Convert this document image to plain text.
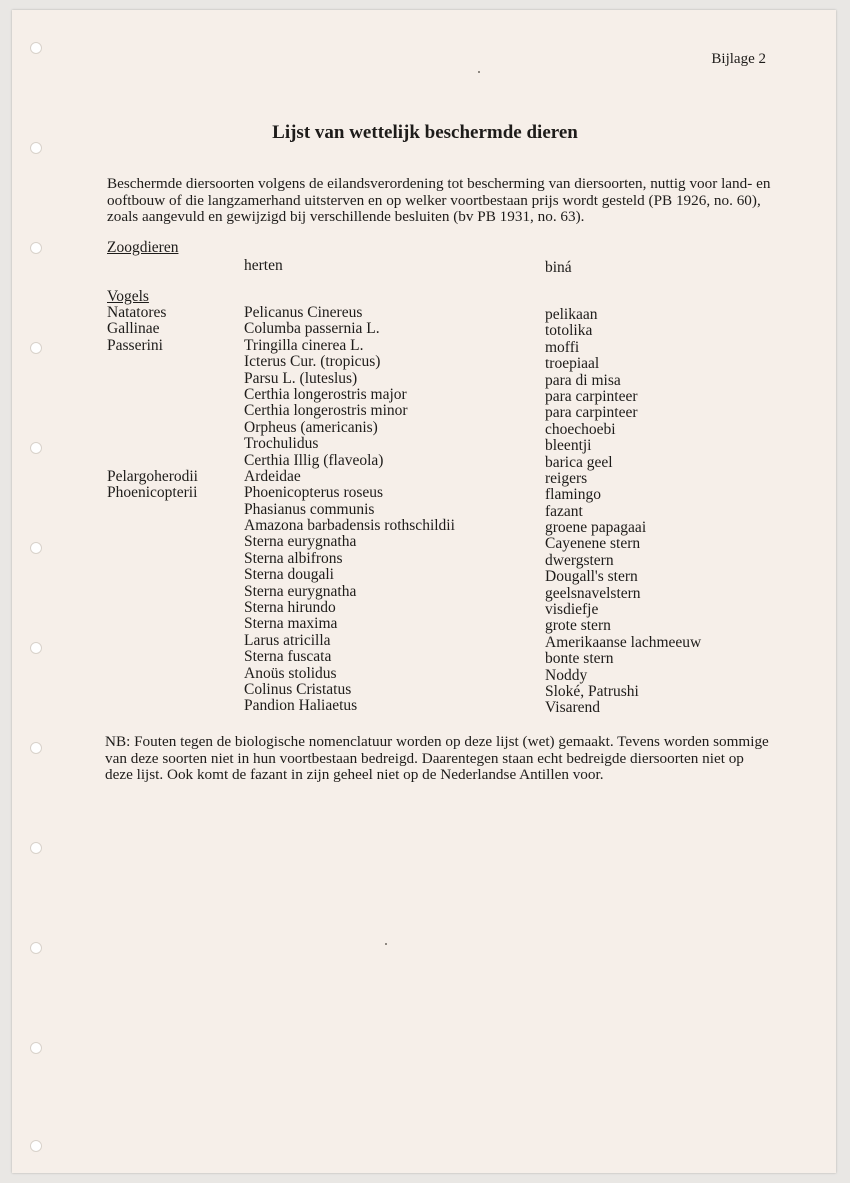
Bijlage 2
Lijst van wettelijk beschermde dieren

Beschermde diersoorten volgens de eilandsverordening tot bescherming van diersoorten, nuttig voor land- en ooftbouw of die langzamerhand uitsterven en op welker voortbestaan prijs wordt gesteld (PB 1926, no. 60), zoals aangevuld en gewijzigd bij verschillende besluiten (bv PB 1931, no. 63).

Zoogdieren
herten	biná
Vogels
Natatores
Gallinae
Passerini
Pelargoherodii
Phoenicopterii
Pelicanus Cinereus
Columba passernia L.
Tringilla cinerea L.
Icterus Cur. (tropicus)
Parsu L. (luteslus)
Certhia longerostris major
Certhia longerostris minor
Orpheus (americanis)
Trochulidus
Certhia Illig (flaveola)
Ardeidae
Phoenicopterus roseus
Phasianus communis
Amazona barbadensis rothschildii
Sterna eurygnatha
Sterna albifrons
Sterna dougali
Sterna eurygnatha
Sterna hirundo
Sterna maxima
Larus atricilla
Sterna fuscata
Anoüs stolidus
Colinus Cristatus
Pandion Haliaetus
pelikaan
totolika
moffi
troepiaal
para di misa
para carpinteer
para carpinteer
choechoebi
bleentji
barica geel
reigers
flamingo
fazant
groene papagaai
Cayenene stern
dwergstern
Dougall's stern
geelsnavelstern
visdiefje
grote stern
Amerikaanse lachmeeuw
bonte stern
Noddy
Sloké, Patrushi
Visarend

NB: Fouten tegen de biologische nomenclatuur worden op deze lijst (wet) gemaakt. Tevens worden sommige van deze soorten niet in hun voortbestaan bedreigd. Daarentegen staan echt bedreigde diersoorten niet op deze lijst. Ook komt de fazant in zijn geheel niet op de Nederlandse Antillen voor.
